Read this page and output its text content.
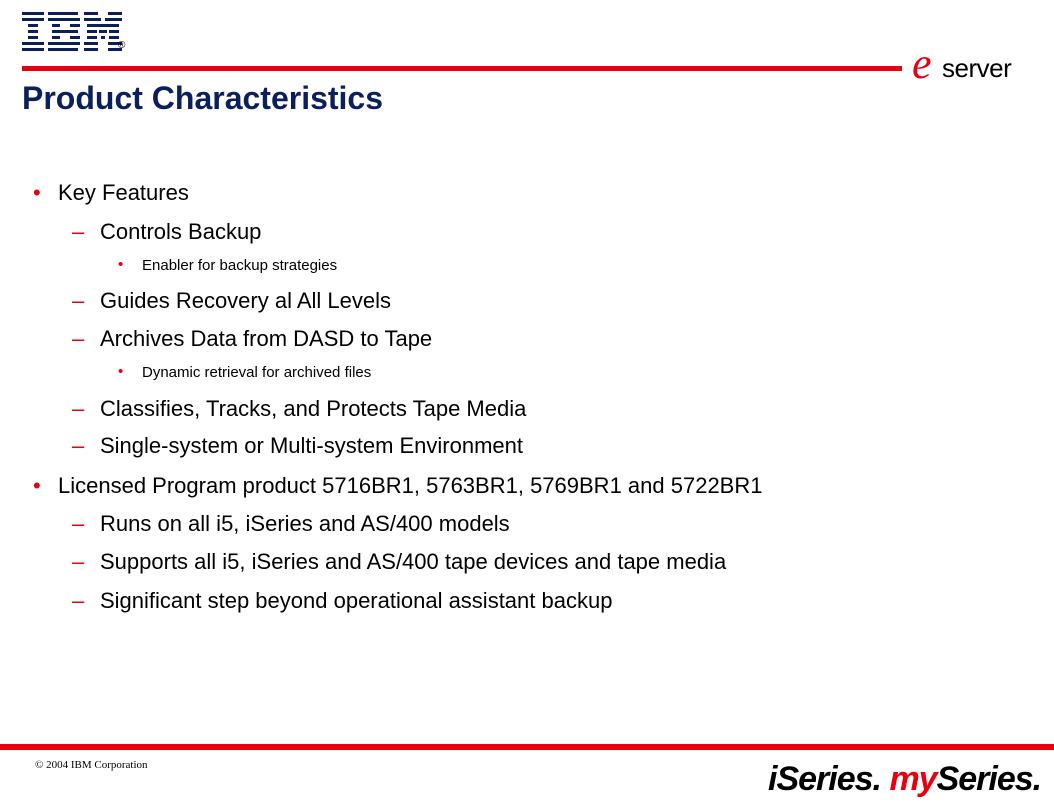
®	e server
Product Characteristics
• Key Features
– Controls Backup
• Enabler for backup strategies
– Guides Recovery al All Levels
– Archives Data from DASD to Tape
• Dynamic retrieval for archived files
– Classifies, Tracks, and Protects Tape Media
– Single-system or Multi-system Environment
• Licensed Program product 5716BR1, 5763BR1, 5769BR1 and 5722BR1
– Runs on all i5, iSeries and AS/400 models
– Supports all i5, iSeries and AS/400 tape devices and tape media
– Significant step beyond operational assistant backup
© 2004 IBM Corporation	iSeries. mySeries.
